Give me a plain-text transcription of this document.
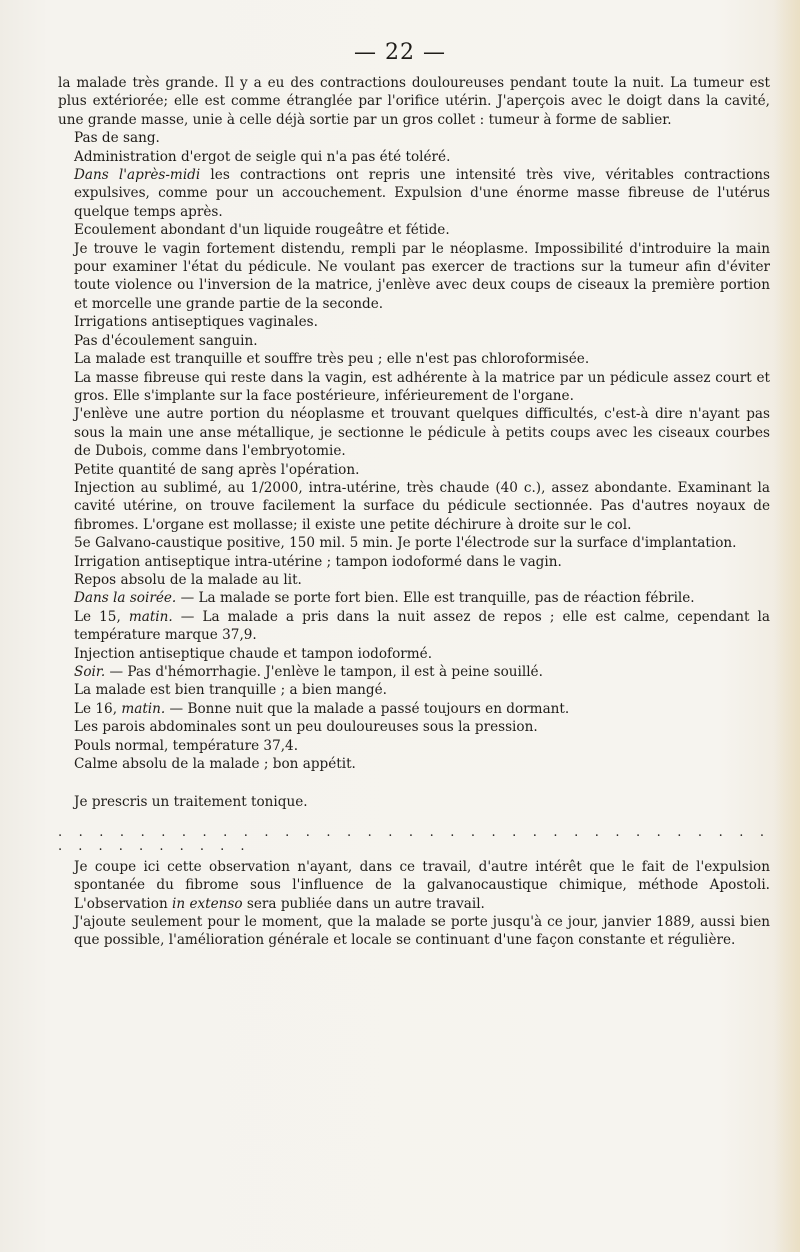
— 22 —

la malade très grande. Il y a eu des contractions douloureuses pendant toute la nuit. La tumeur est plus extériorée; elle est comme étranglée par l'orifice utérin. J'aperçois avec le doigt dans la cavité, une grande masse, unie à celle déjà sortie par un gros collet : tumeur à forme de sablier.

Pas de sang.

Administration d'ergot de seigle qui n'a pas été toléré.

Dans l'après-midi les contractions ont repris une intensité très vive, véritables contractions expulsives, comme pour un accouchement. Expulsion d'une énorme masse fibreuse de l'utérus quelque temps après.

Ecoulement abondant d'un liquide rougeâtre et fétide.

Je trouve le vagin fortement distendu, rempli par le néoplasme. Impossibilité d'introduire la main pour examiner l'état du pédicule. Ne voulant pas exercer de tractions sur la tumeur afin d'éviter toute violence ou l'inversion de la matrice, j'enlève avec deux coups de ciseaux la première portion et morcelle une grande partie de la seconde.

Irrigations antiseptiques vaginales.

Pas d'écoulement sanguin.

La malade est tranquille et souffre très peu ; elle n'est pas chloroformisée.

La masse fibreuse qui reste dans la vagin, est adhérente à la matrice par un pédicule assez court et gros. Elle s'implante sur la face postérieure, inférieurement de l'organe.

J'enlève une autre portion du néoplasme et trouvant quelques difficultés, c'est-à dire n'ayant pas sous la main une anse métallique, je sectionne le pédicule à petits coups avec les ciseaux courbes de Dubois, comme dans l'embryotomie.

Petite quantité de sang après l'opération.

Injection au sublimé, au 1/2000, intra-utérine, très chaude (40 c.), assez abondante. Examinant la cavité utérine, on trouve facilement la surface du pédicule sectionnée. Pas d'autres noyaux de fibromes. L'organe est mollasse; il existe une petite déchirure à droite sur le col.

5e Galvano-caustique positive, 150 mil. 5 min. Je porte l'électrode sur la surface d'implantation.

Irrigation antiseptique intra-utérine ; tampon iodoformé dans le vagin.

Repos absolu de la malade au lit.

Dans la soirée. — La malade se porte fort bien. Elle est tranquille, pas de réaction fébrile.

Le 15, matin. — La malade a pris dans la nuit assez de repos ; elle est calme, cependant la température marque 37,9.

Injection antiseptique chaude et tampon iodoformé.

Soir. — Pas d'hémorrhagie. J'enlève le tampon, il est à peine souillé.

La malade est bien tranquille ; a bien mangé.

Le 16, matin. — Bonne nuit que la malade a passé toujours en dormant.

Les parois abdominales sont un peu douloureuses sous la pression.

Pouls normal, température 37,4.

Calme absolu de la malade ; bon appétit.

Je prescris un traitement tonique.

. . . . . . . . . . . . . . . . . . . . . . . . . . . . . . . . . . . . . . . . . . . . .

Je coupe ici cette observation n'ayant, dans ce travail, d'autre intérêt que le fait de l'expulsion spontanée du fibrome sous l'influence de la galvanocaustique chimique, méthode Apostoli. L'observation in extenso sera publiée dans un autre travail.

J'ajoute seulement pour le moment, que la malade se porte jusqu'à ce jour, janvier 1889, aussi bien que possible, l'amélioration générale et locale se continuant d'une façon constante et régulière.
